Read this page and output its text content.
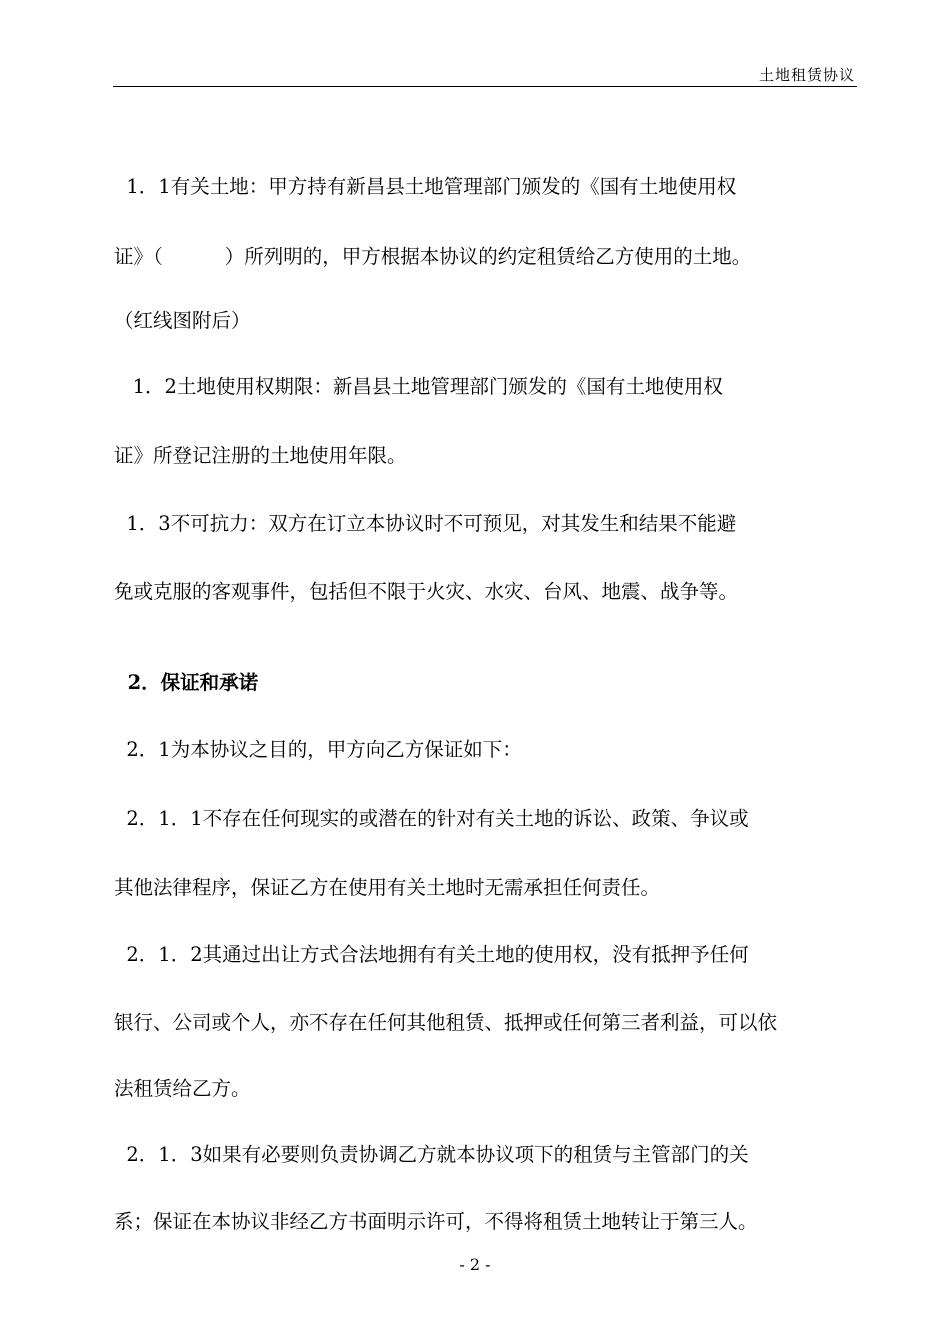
土地租赁协议
1．1有关土地：甲方持有新昌县土地管理部门颁发的《国有土地使用权
证》（          ）所列明的，甲方根据本协议的约定租赁给乙方使用的土地。
（红线图附后）
1．2土地使用权期限：新昌县土地管理部门颁发的《国有土地使用权
证》所登记注册的土地使用年限。
1．3不可抗力：双方在订立本协议时不可预见，对其发生和结果不能避
免或克服的客观事件，包括但不限于火灾、水灾、台风、地震、战争等。
2．保证和承诺
2．1为本协议之目的，甲方向乙方保证如下：
2．1．1不存在任何现实的或潜在的针对有关土地的诉讼、政策、争议或
其他法律程序，保证乙方在使用有关土地时无需承担任何责任。
2．1．2其通过出让方式合法地拥有有关土地的使用权，没有抵押予任何
银行、公司或个人，亦不存在任何其他租赁、抵押或任何第三者利益，可以依
法租赁给乙方。
2．1．3如果有必要则负责协调乙方就本协议项下的租赁与主管部门的关
系；保证在本协议非经乙方书面明示许可，不得将租赁土地转让于第三人。
- 2 -
